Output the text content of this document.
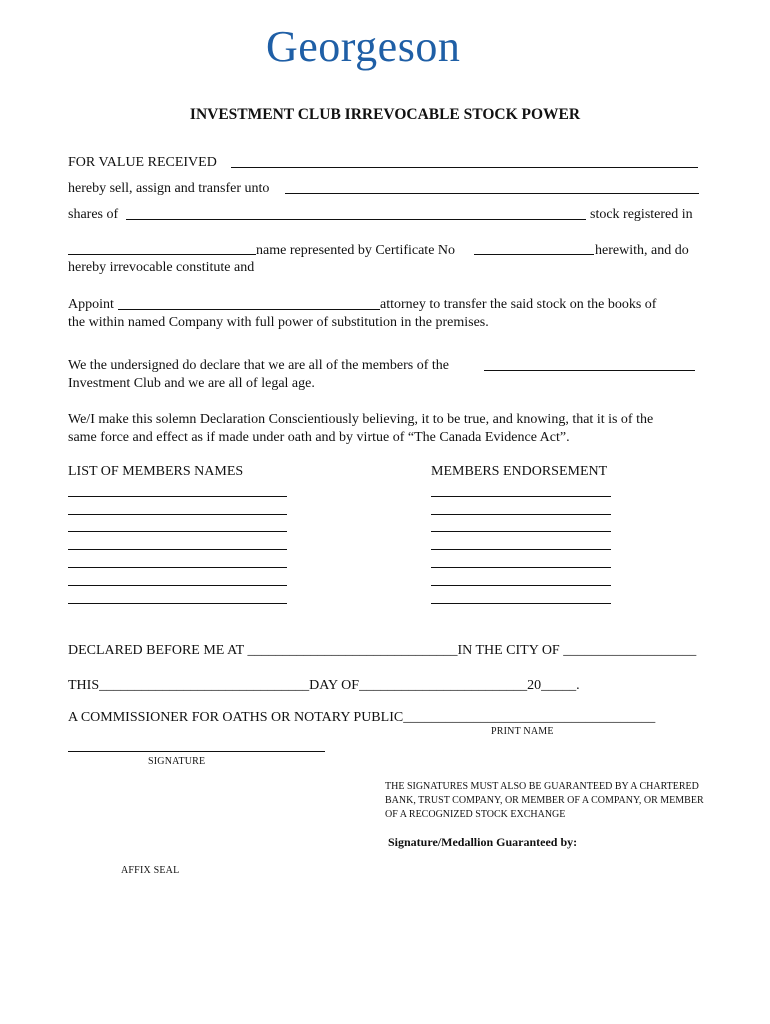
Georgeson
INVESTMENT CLUB IRREVOCABLE STOCK POWER
FOR VALUE RECEIVED
hereby sell, assign and transfer unto
shares of	stock registered in
name represented by Certificate No	herewith, and do
hereby irrevocable constitute and
Appoint	attorney to transfer the said stock on the books of
the within named Company with full power of substitution in the premises.
We the undersigned do declare that we are all of the members of the
Investment Club and we are all of legal age.
We/I make this solemn Declaration Conscientiously believing, it to be true, and knowing, that it is of the
same force and effect as if made under oath and by virtue of “The Canada Evidence Act”.
LIST OF MEMBERS NAMES	MEMBERS ENDORSEMENT
DECLARED BEFORE ME AT ______________________________IN THE CITY OF ___________________
THIS______________________________DAY OF________________________20_____.
A COMMISSIONER FOR OATHS OR NOTARY PUBLIC____________________________________
PRINT NAME
SIGNATURE
THE SIGNATURES MUST ALSO BE GUARANTEED BY A CHARTERED BANK, TRUST COMPANY, OR MEMBER OF A COMPANY, OR MEMBER OF A RECOGNIZED STOCK EXCHANGE
Signature/Medallion Guaranteed by:
AFFIX SEAL
